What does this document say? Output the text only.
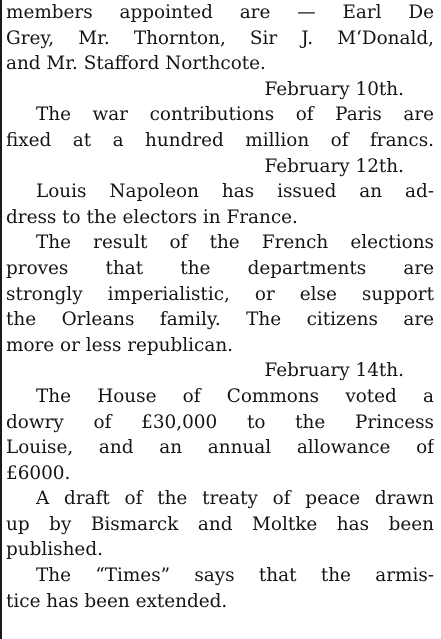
members appointed are — Earl De
Grey, Mr. Thornton, Sir J. M‘Donald,
and Mr. Stafford Northcote.
February 10th.
The war contributions of Paris are
fixed at a hundred million of francs.
February 12th.
Louis Napoleon has issued an ad-
dress to the electors in France.
The result of the French elections
proves that the departments are
strongly imperialistic, or else support
the Orleans family. The citizens are
more or less republican.
February 14th.
The House of Commons voted a
dowry of £30,000 to the Princess
Louise, and an annual allowance of
£6000.
A draft of the treaty of peace drawn
up by Bismarck and Moltke has been
published.
The “Times” says that the armis-
tice has been extended.
